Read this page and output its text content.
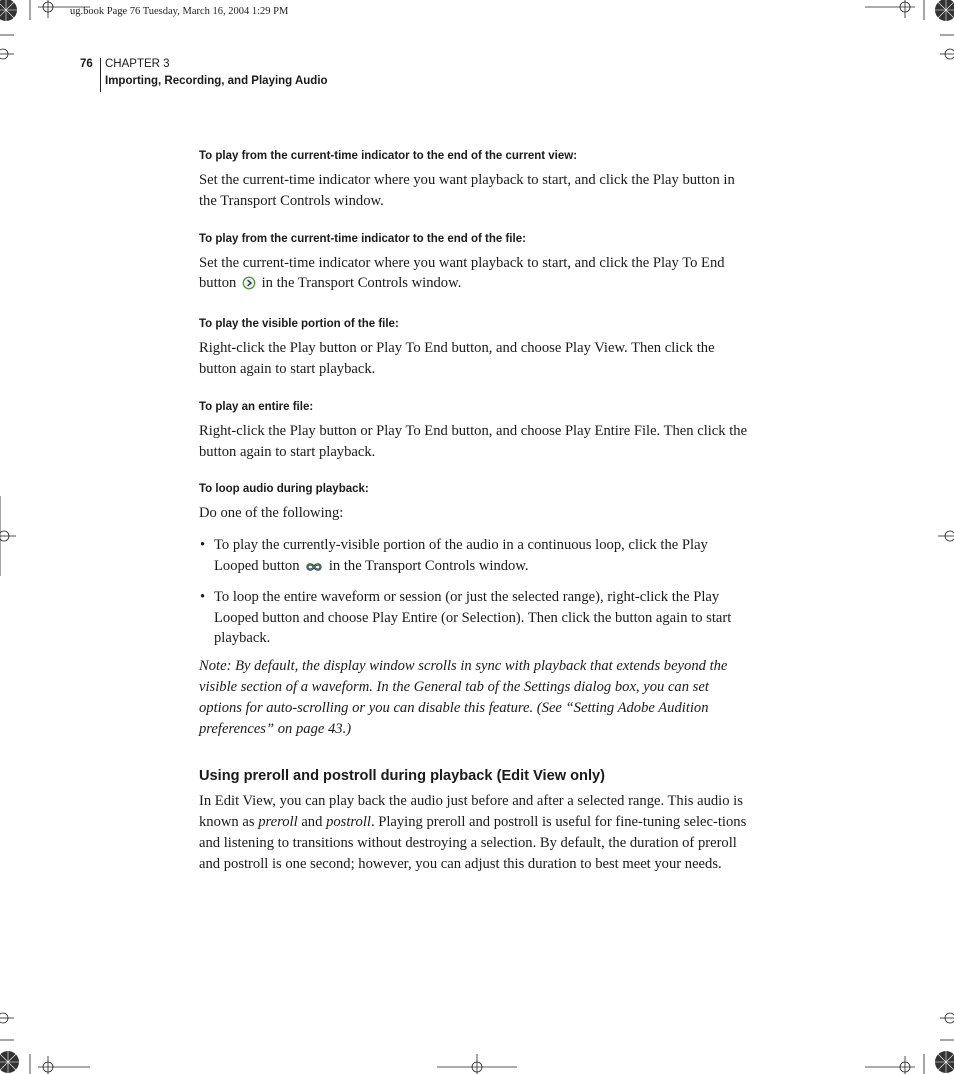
ug.book Page 76 Tuesday, March 16, 2004 1:29 PM
76 CHAPTER 3
Importing, Recording, and Playing Audio
To play from the current-time indicator to the end of the current view:

Set the current-time indicator where you want playback to start, and click the Play button in the Transport Controls window.

To play from the current-time indicator to the end of the file:

Set the current-time indicator where you want playback to start, and click the Play To End button in the Transport Controls window.

To play the visible portion of the file:

Right-click the Play button or Play To End button, and choose Play View. Then click the button again to start playback.

To play an entire file:

Right-click the Play button or Play To End button, and choose Play Entire File. Then click the button again to start playback.

To loop audio during playback:

Do one of the following:

• To play the currently-visible portion of the audio in a continuous loop, click the Play Looped button in the Transport Controls window.
• To loop the entire waveform or session (or just the selected range), right-click the Play Looped button and choose Play Entire (or Selection). Then click the button again to start playback.

Note: By default, the display window scrolls in sync with playback that extends beyond the visible section of a waveform. In the General tab of the Settings dialog box, you can set options for auto-scrolling or you can disable this feature. (See “Setting Adobe Audition preferences” on page 43.)

Using preroll and postroll during playback (Edit View only)

In Edit View, you can play back the audio just before and after a selected range. This audio is known as preroll and postroll. Playing preroll and postroll is useful for fine-tuning selec-tions and listening to transitions without destroying a selection. By default, the duration of preroll and postroll is one second; however, you can adjust this duration to best meet your needs.
